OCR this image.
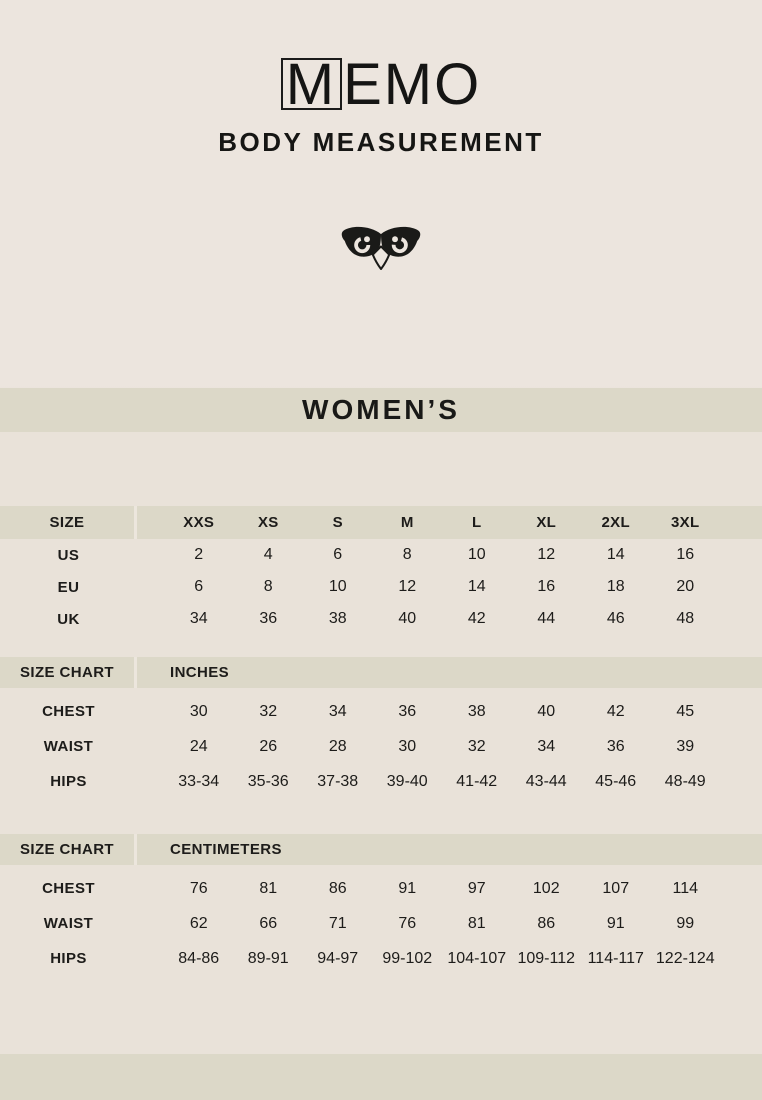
M EMO
BODY MEASUREMENT
WOMEN’S
SIZE	XXS	XS	S	M	L	XL	2XL	3XL
US	2	4	6	8	10	12	14	16
EU	6	8	10	12	14	16	18	20
UK	34	36	38	40	42	44	46	48
SIZE CHART	INCHES
CHEST	30	32	34	36	38	40	42	45
WAIST	24	26	28	30	32	34	36	39
HIPS	33-34	35-36	37-38	39-40	41-42	43-44	45-46	48-49
SIZE CHART	CENTIMETERS
CHEST	76	81	86	91	97	102	107	114
WAIST	62	66	71	76	81	86	91	99
HIPS	84-86	89-91	94-97	99-102 104-107 109-112 114-117 122-124
